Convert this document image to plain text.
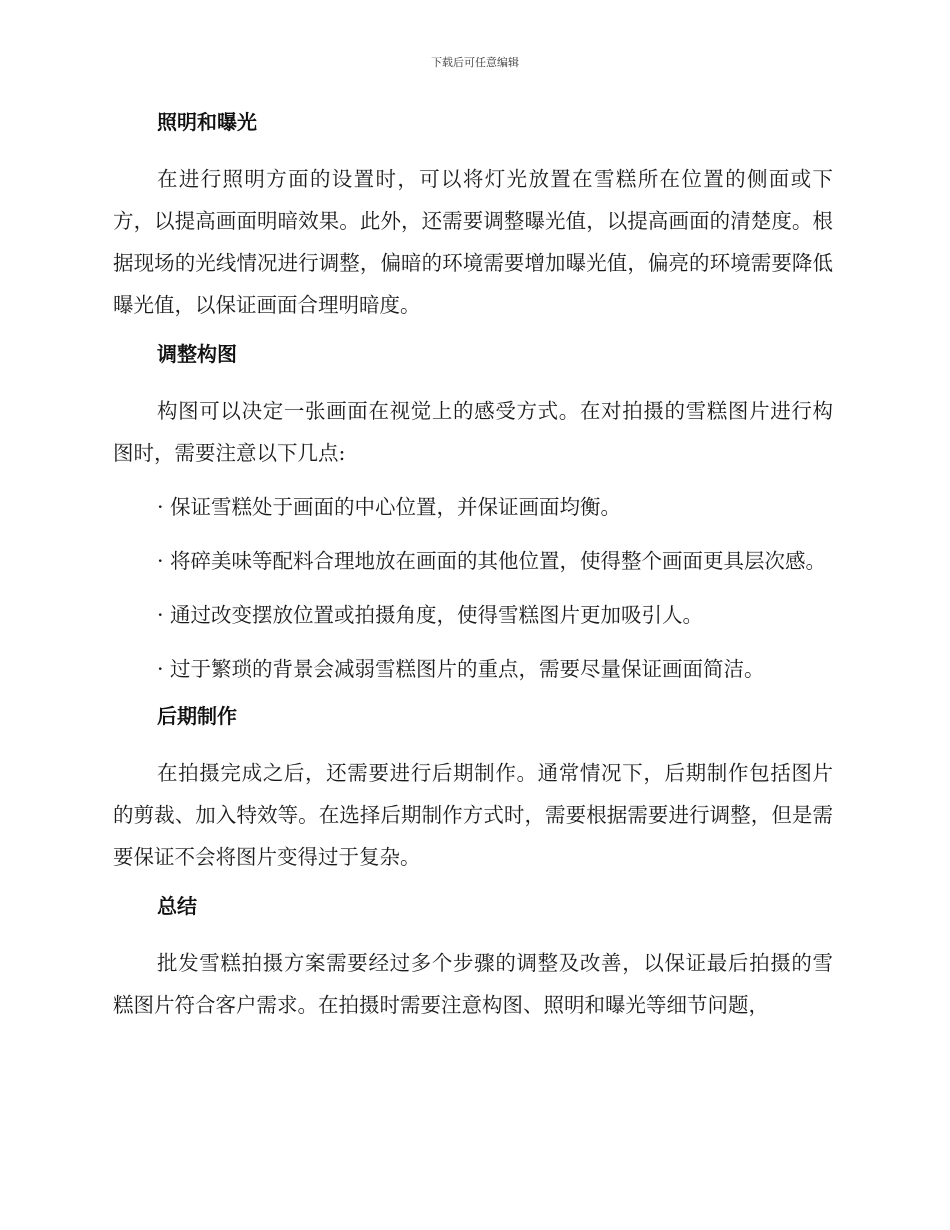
下载后可任意编辑
照明和曝光

在进行照明方面的设置时，可以将灯光放置在雪糕所在位置的侧面或下方，以提高画面明暗效果。此外，还需要调整曝光值，以提高画面的清楚度。根据现场的光线情况进行调整，偏暗的环境需要增加曝光值，偏亮的环境需要降低曝光值，以保证画面合理明暗度。

调整构图

构图可以决定一张画面在视觉上的感受方式。在对拍摄的雪糕图片进行构图时，需要注意以下几点:

· 保证雪糕处于画面的中心位置，并保证画面均衡。

· 将碎美味等配料合理地放在画面的其他位置，使得整个画面更具层次感。

· 通过改变摆放位置或拍摄角度，使得雪糕图片更加吸引人。

· 过于繁琐的背景会减弱雪糕图片的重点，需要尽量保证画面简洁。

后期制作

在拍摄完成之后，还需要进行后期制作。通常情况下，后期制作包括图片的剪裁、加入特效等。在选择后期制作方式时，需要根据需要进行调整，但是需要保证不会将图片变得过于复杂。

总结

批发雪糕拍摄方案需要经过多个步骤的调整及改善，以保证最后拍摄的雪糕图片符合客户需求。在拍摄时需要注意构图、照明和曝光等细节问题，
